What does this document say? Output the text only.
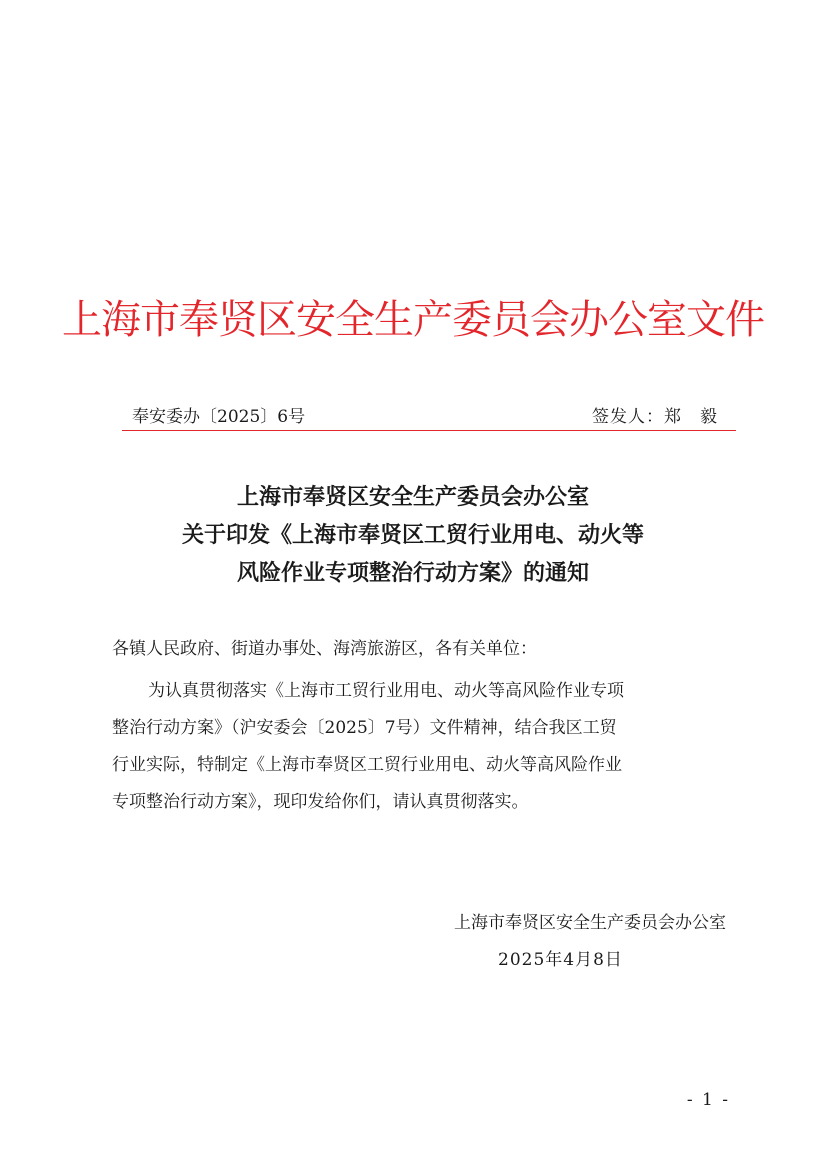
上海市奉贤区安全生产委员会办公室文件
奉安委办〔2025〕6号	签发人：郑　毅
上海市奉贤区安全生产委员会办公室
关于印发《上海市奉贤区工贸行业用电、动火等
风险作业专项整治行动方案》的通知
各镇人民政府、街道办事处、海湾旅游区，各有关单位：
为认真贯彻落实《上海市工贸行业用电、动火等高风险作业专项
整治行动方案》（沪安委会〔2025〕7号）文件精神，结合我区工贸
行业实际，特制定《上海市奉贤区工贸行业用电、动火等高风险作业
专项整治行动方案》，现印发给你们，请认真贯彻落实。
上海市奉贤区安全生产委员会办公室
2025年4月8日
- 1 -
